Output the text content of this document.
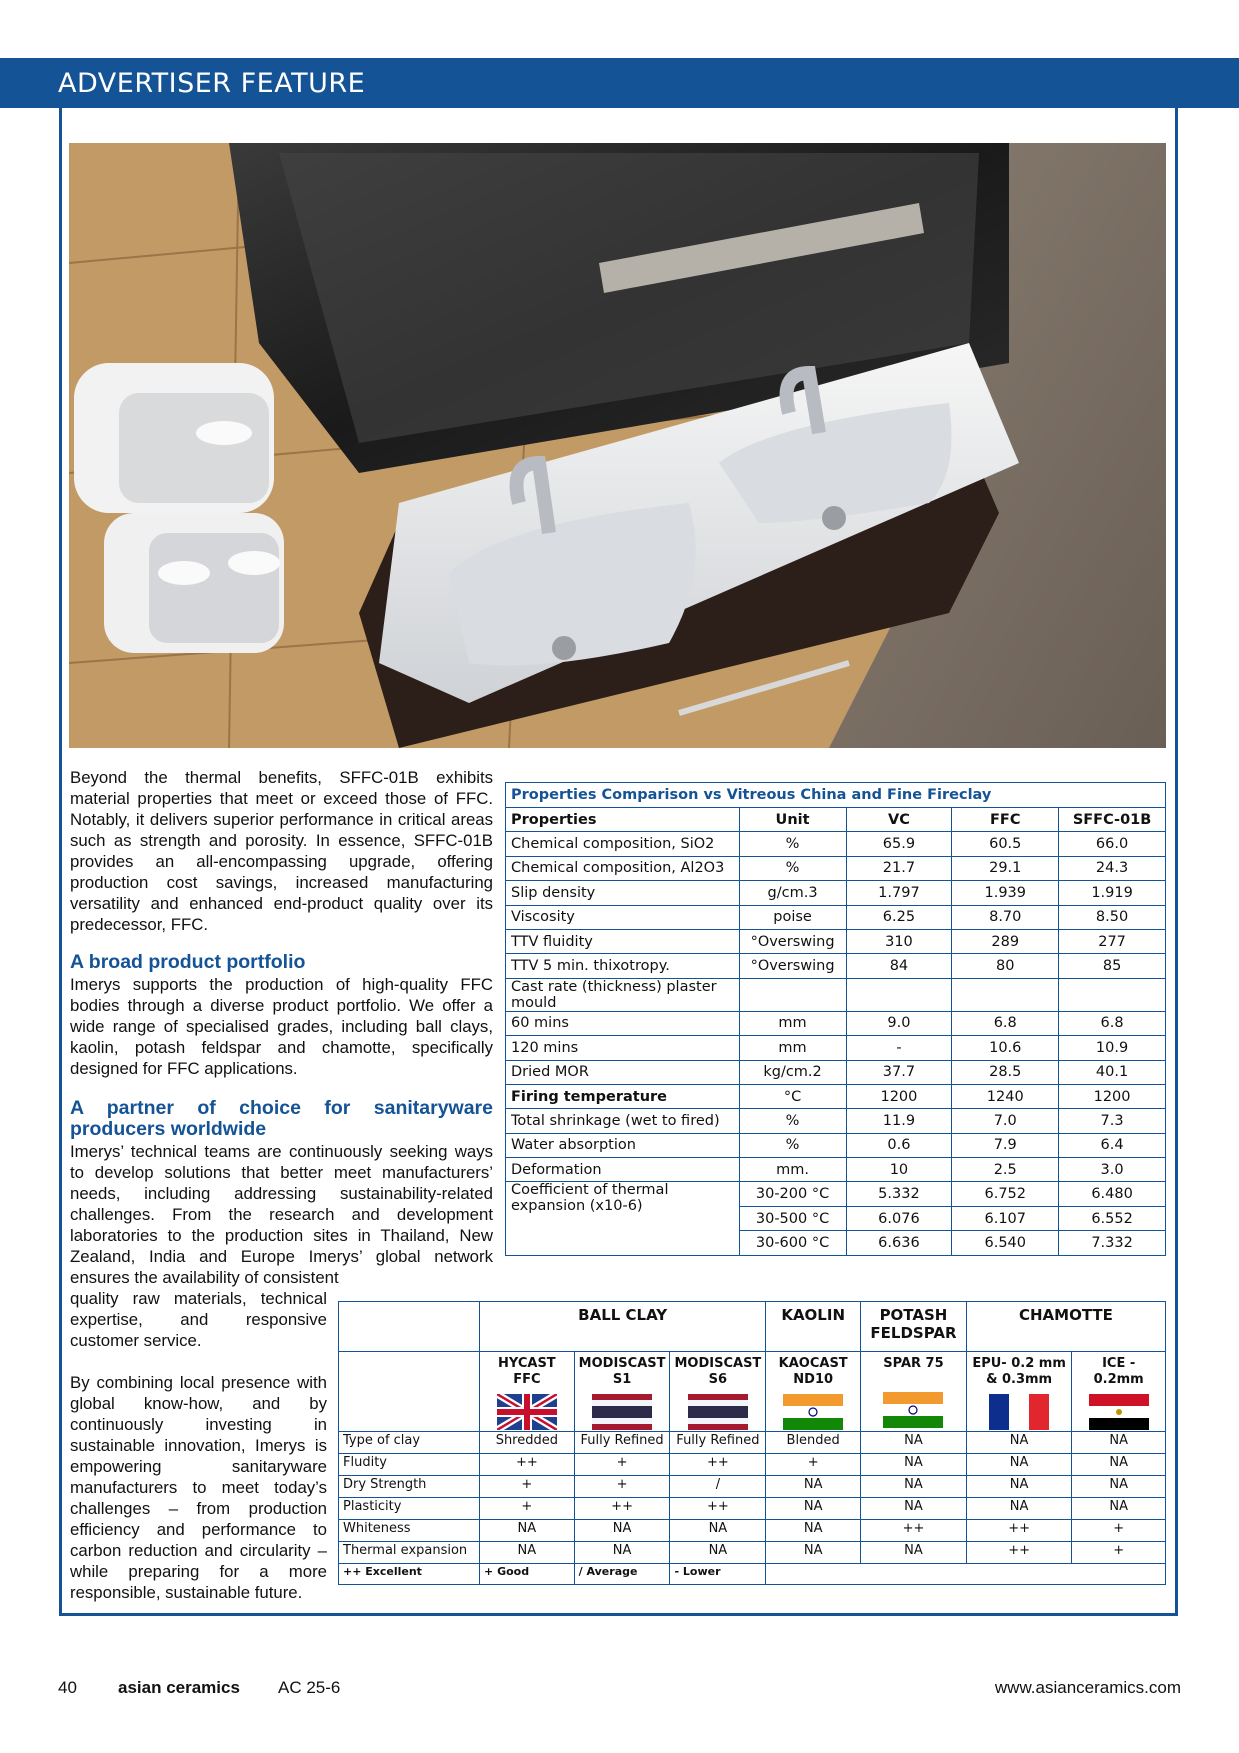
ADVERTISER FEATURE

Beyond the thermal benefits, SFFC-01B exhibits material properties that meet or exceed those of FFC. Notably, it delivers superior performance in critical areas such as strength and porosity. In essence, SFFC-01B provides an all-encompassing upgrade, offering production cost savings, increased manufacturing versatility and enhanced end-product quality over its predecessor, FFC.

A broad product portfolio

Imerys supports the production of high-quality FFC bodies through a diverse product portfolio. We offer a wide range of specialised grades, including ball clays, kaolin, potash feldspar and chamotte, specifically designed for FFC applications.

A partner of choice for sanitaryware producers worldwide

Imerys’ technical teams are continuously seeking ways to develop solutions that better meet manufacturers’ needs, including addressing sustainability-related challenges. From the research and development laboratories to the production sites in Thailand, New Zealand, India and Europe Imerys’ global network ensures the availability of consistent

quality raw materials, technical expertise, and responsive customer service.

By combining local presence with global know-how, and by continuously investing in sustainable innovation, Imerys is empowering sanitaryware manufacturers to meet today’s challenges – from production efficiency and performance to carbon reduction and circularity – while preparing for a more responsible, sustainable future.

Properties Comparison vs Vitreous China and Fine Fireclay				
Properties	Unit	VC	FFC	SFFC-01B
Chemical composition, SiO2	%	65.9	60.5	66.0
Chemical composition, Al2O3	%	21.7	29.1	24.3
Slip density	g/cm.3	1.797	1.939	1.919
Viscosity	poise	6.25	8.70	8.50
TTV fluidity	°Overswing	310	289	277
TTV 5 min. thixotropy.	°Overswing	84	80	85
Cast rate (thickness) plaster mould				
60 mins	mm	9.0	6.8	6.8
120 mins	mm	-	10.6	10.9
Dried MOR	kg/cm.2	37.7	28.5	40.1
Firing temperature	°C	1200	1240	1200
Total shrinkage (wet to fired)	%	11.9	7.0	7.3
Water absorption	%	0.6	7.9	6.4
Deformation	mm.	10	2.5	3.0
Coefficient of thermal expansion (x10-6)	30-200 °C	5.332	6.752	6.480
	30-500 °C	6.076	6.107	6.552
	30-600 °C	6.636	6.540	7.332
	BALL CLAY			KAOLIN	POTASH FELDSPAR	CHAMOTTE	

	HYCAST FFC	MODISCAST S1	MODISCAST S6	KAOCAST ND10	SPAR 75	EPU- 0.2 mm & 0.3mm	ICE - 0.2mm

Type of clay	Shredded	Fully Refined	Fully Refined	Blended	NA	NA	NA
Fludity	++	+	++	+	NA	NA	NA
Dry Strength	+	+	/	NA	NA	NA	NA
Plasticity	+	++	++	NA	NA	NA	NA
Whiteness	NA	NA	NA	NA	++	++	+
Thermal expansion	NA	NA	NA	NA	NA	++	+
++ Excellent	+ Good	/ Average	- Lower				
40 asian ceramics AC 25-6	www.asianceramics.com
